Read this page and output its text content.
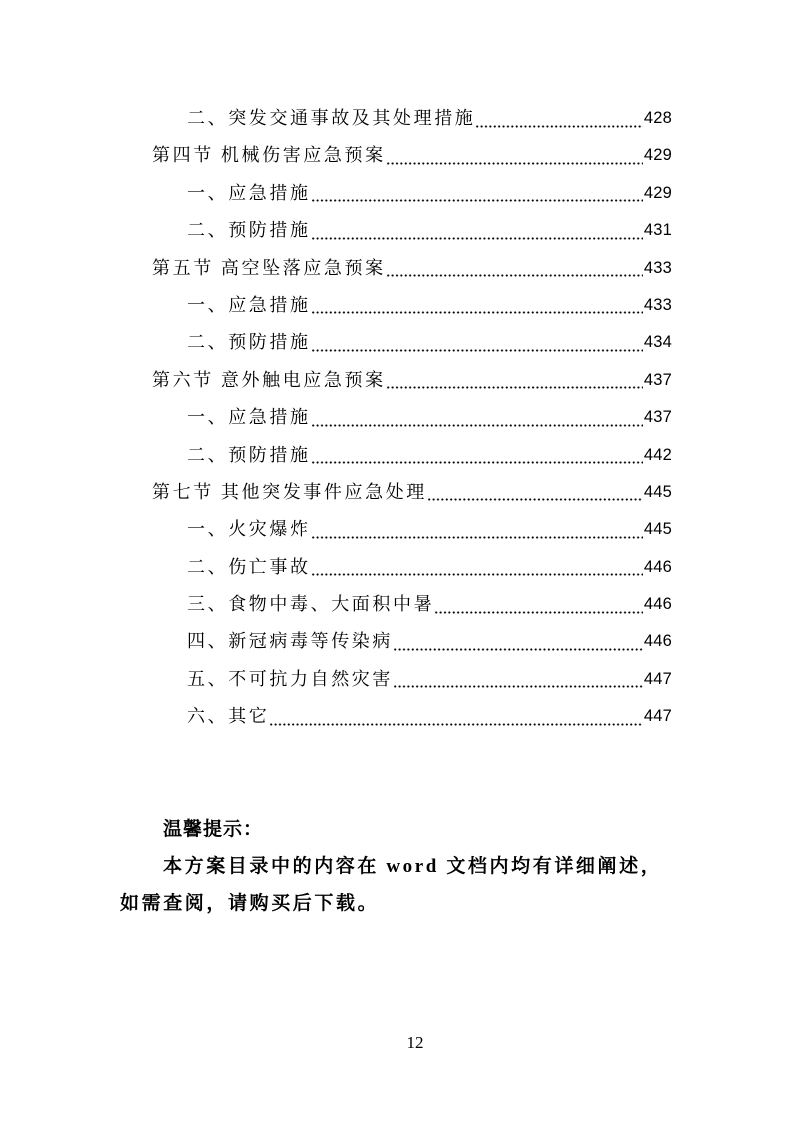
二、突发交通事故及其处理措施	428
第四节 机械伤害应急预案	429
一、应急措施	429
二、预防措施	431
第五节 高空坠落应急预案	433
一、应急措施	433
二、预防措施	434
第六节 意外触电应急预案	437
一、应急措施	437
二、预防措施	442
第七节 其他突发事件应急处理	445
一、火灾爆炸	445
二、伤亡事故	446
三、食物中毒、大面积中暑	446
四、新冠病毒等传染病	446
五、不可抗力自然灾害	447
六、其它	447
温馨提示：
本方案目录中的内容在 word 文档内均有详细阐述，
如需查阅，请购买后下载。
12
